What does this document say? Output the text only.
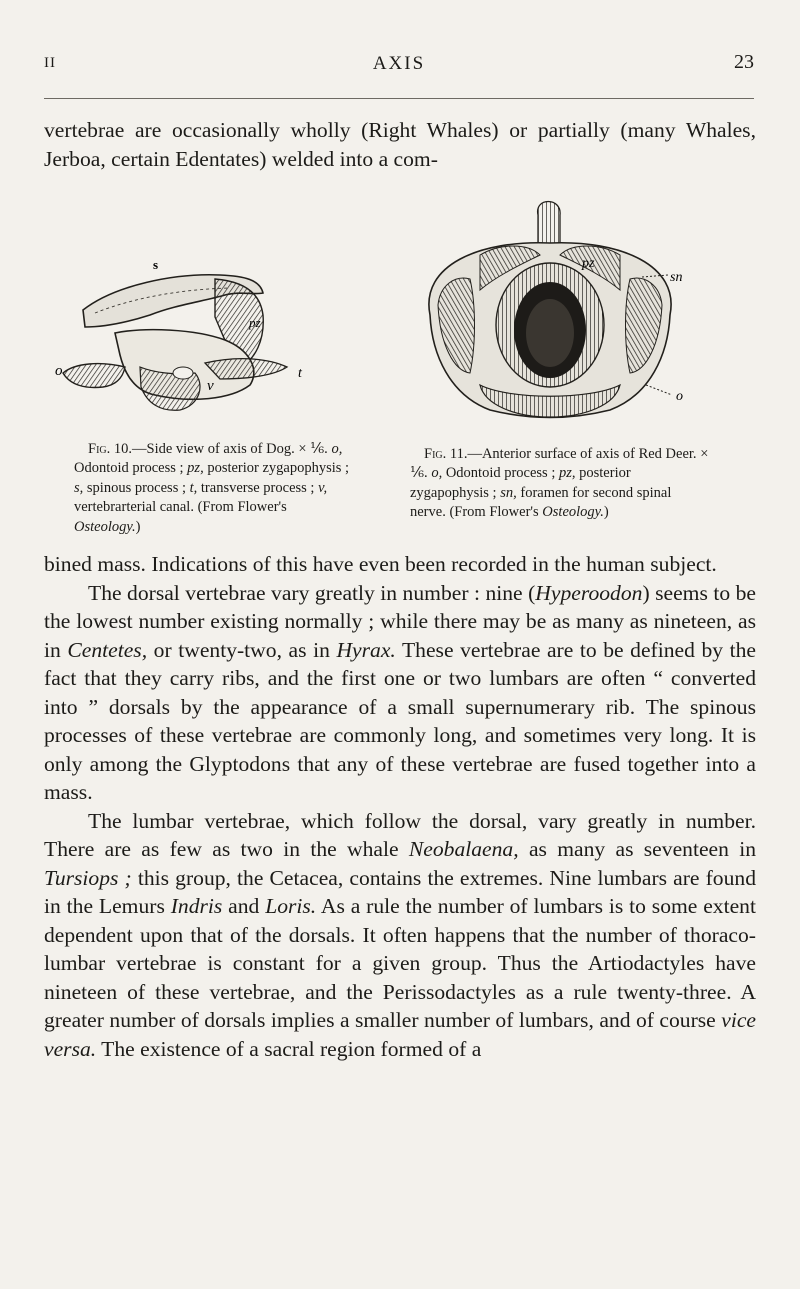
II	AXIS	23

vertebrae are occasionally wholly (Right Whales) or partially (many Whales, Jerboa, certain Edentates) welded into a com-

s
pz
o	t
v
Fig. 10.—Side view of axis of Dog. × ⅙. o, Odontoid process ; pz, posterior zygapophysis ; s, spinous process ; t, transverse process ; v, vertebrarterial canal. (From Flower's Osteology.)
pz
sn
o
Fig. 11.—Anterior surface of axis of Red Deer. × ⅙. o, Odontoid process ; pz, posterior zygapophysis ; sn, foramen for second spinal nerve. (From Flower's Osteology.)

bined mass. Indications of this have even been recorded in the human subject.

The dorsal vertebrae vary greatly in number : nine (Hyperoodon) seems to be the lowest number existing normally ; while there may be as many as nineteen, as in Centetes, or twenty-two, as in Hyrax. These vertebrae are to be defined by the fact that they carry ribs, and the first one or two lumbars are often “ converted into ” dorsals by the appearance of a small supernumerary rib. The spinous processes of these vertebrae are commonly long, and sometimes very long. It is only among the Glyptodons that any of these vertebrae are fused together into a mass.

The lumbar vertebrae, which follow the dorsal, vary greatly in number. There are as few as two in the whale Neobalaena, as many as seventeen in Tursiops ; this group, the Cetacea, contains the extremes. Nine lumbars are found in the Lemurs Indris and Loris. As a rule the number of lumbars is to some extent dependent upon that of the dorsals. It often happens that the number of thoraco-lumbar vertebrae is constant for a given group. Thus the Artiodactyles have nineteen of these vertebrae, and the Perissodactyles as a rule twenty-three. A greater number of dorsals implies a smaller number of lumbars, and of course vice versa. The existence of a sacral region formed of a
